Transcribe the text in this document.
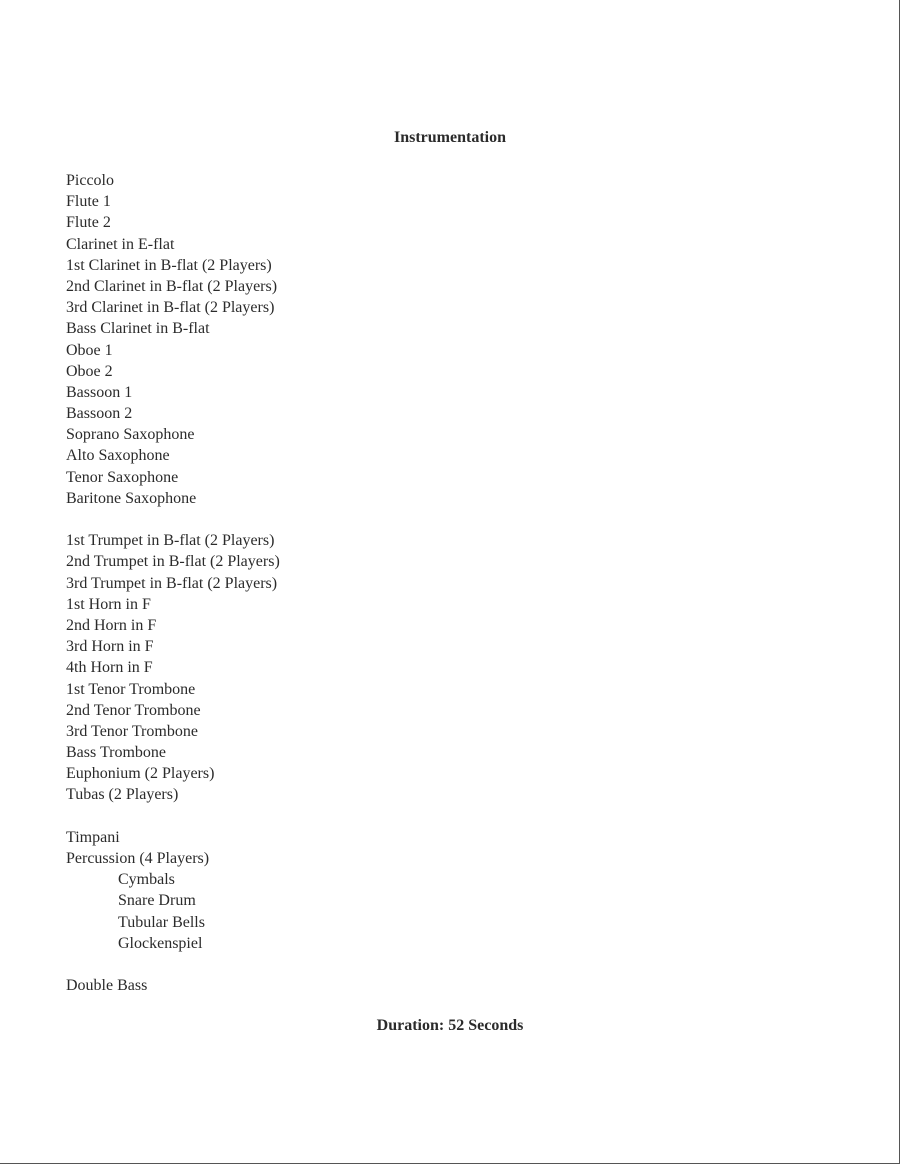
Instrumentation
Piccolo
Flute 1
Flute 2
Clarinet in E-flat
1st Clarinet in B-flat (2 Players)
2nd Clarinet in B-flat (2 Players)
3rd Clarinet in B-flat (2 Players)
Bass Clarinet in B-flat
Oboe 1
Oboe 2
Bassoon 1
Bassoon 2
Soprano Saxophone
Alto Saxophone
Tenor Saxophone
Baritone Saxophone
1st Trumpet in B-flat (2 Players)
2nd Trumpet in B-flat (2 Players)
3rd Trumpet in B-flat (2 Players)
1st Horn in F
2nd Horn in F
3rd Horn in F
4th Horn in F
1st Tenor Trombone
2nd Tenor Trombone
3rd Tenor Trombone
Bass Trombone
Euphonium (2 Players)
Tubas (2 Players)
Timpani
Percussion (4 Players)
Cymbals
Snare Drum
Tubular Bells
Glockenspiel
Double Bass
Duration: 52 Seconds
